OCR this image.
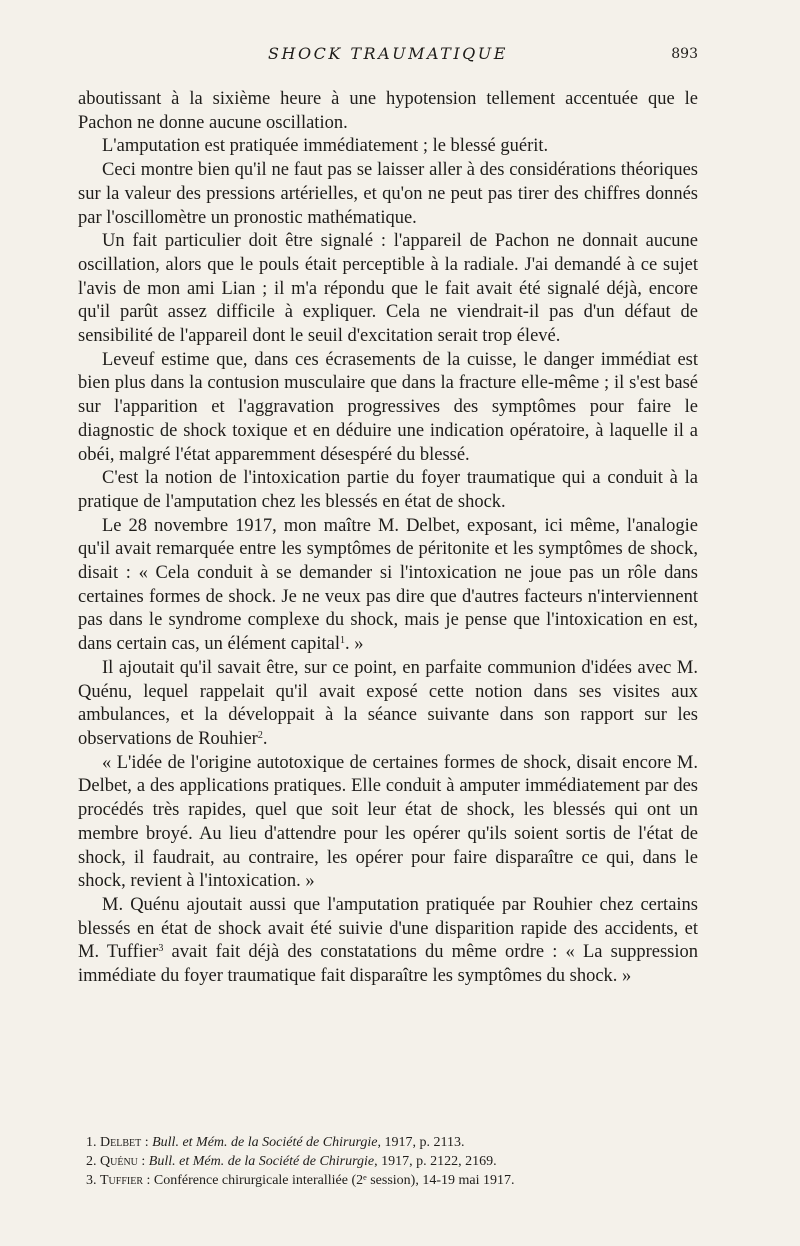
SHOCK TRAUMATIQUE	893

aboutissant à la sixième heure à une hypotension tellement accentuée que le Pachon ne donne aucune oscillation.

L'amputation est pratiquée immédiatement ; le blessé guérit.

Ceci montre bien qu'il ne faut pas se laisser aller à des considérations théoriques sur la valeur des pressions artérielles, et qu'on ne peut pas tirer des chiffres donnés par l'oscillomètre un pronostic mathématique.

Un fait particulier doit être signalé : l'appareil de Pachon ne donnait aucune oscillation, alors que le pouls était perceptible à la radiale. J'ai demandé à ce sujet l'avis de mon ami Lian ; il m'a répondu que le fait avait été signalé déjà, encore qu'il parût assez difficile à expliquer. Cela ne viendrait-il pas d'un défaut de sensibilité de l'appareil dont le seuil d'excitation serait trop élevé.

Leveuf estime que, dans ces écrasements de la cuisse, le danger immédiat est bien plus dans la contusion musculaire que dans la fracture elle-même ; il s'est basé sur l'apparition et l'aggravation progressives des symptômes pour faire le diagnostic de shock toxique et en déduire une indication opératoire, à laquelle il a obéi, malgré l'état apparemment désespéré du blessé.

C'est la notion de l'intoxication partie du foyer traumatique qui a conduit à la pratique de l'amputation chez les blessés en état de shock.

Le 28 novembre 1917, mon maître M. Delbet, exposant, ici même, l'analogie qu'il avait remarquée entre les symptômes de péritonite et les symptômes de shock, disait : « Cela conduit à se demander si l'intoxication ne joue pas un rôle dans certaines formes de shock. Je ne veux pas dire que d'autres facteurs n'interviennent pas dans le syndrome complexe du shock, mais je pense que l'intoxication en est, dans certain cas, un élément capital$^1$. »

Il ajoutait qu'il savait être, sur ce point, en parfaite communion d'idées avec M. Quénu, lequel rappelait qu'il avait exposé cette notion dans ses visites aux ambulances, et la développait à la séance suivante dans son rapport sur les observations de Rouhier$^2$.

« L'idée de l'origine autotoxique de certaines formes de shock, disait encore M. Delbet, a des applications pratiques. Elle conduit à amputer immédiatement par des procédés très rapides, quel que soit leur état de shock, les blessés qui ont un membre broyé. Au lieu d'attendre pour les opérer qu'ils soient sortis de l'état de shock, il faudrait, au contraire, les opérer pour faire disparaître ce qui, dans le shock, revient à l'intoxication. »

M. Quénu ajoutait aussi que l'amputation pratiquée par Rouhier chez certains blessés en état de shock avait été suivie d'une disparition rapide des accidents, et M. Tuffier$^3$ avait fait déjà des constatations du même ordre : « La suppression immédiate du foyer traumatique fait disparaître les symptômes du shock. »

1. Delbet : Bull. et Mém. de la Société de Chirurgie, 1917, p. 2113.

2. Quénu : Bull. et Mém. de la Société de Chirurgie, 1917, p. 2122, 2169.

3. Tuffier : Conférence chirurgicale interalliée (2ᵉ session), 14-19 mai 1917.
